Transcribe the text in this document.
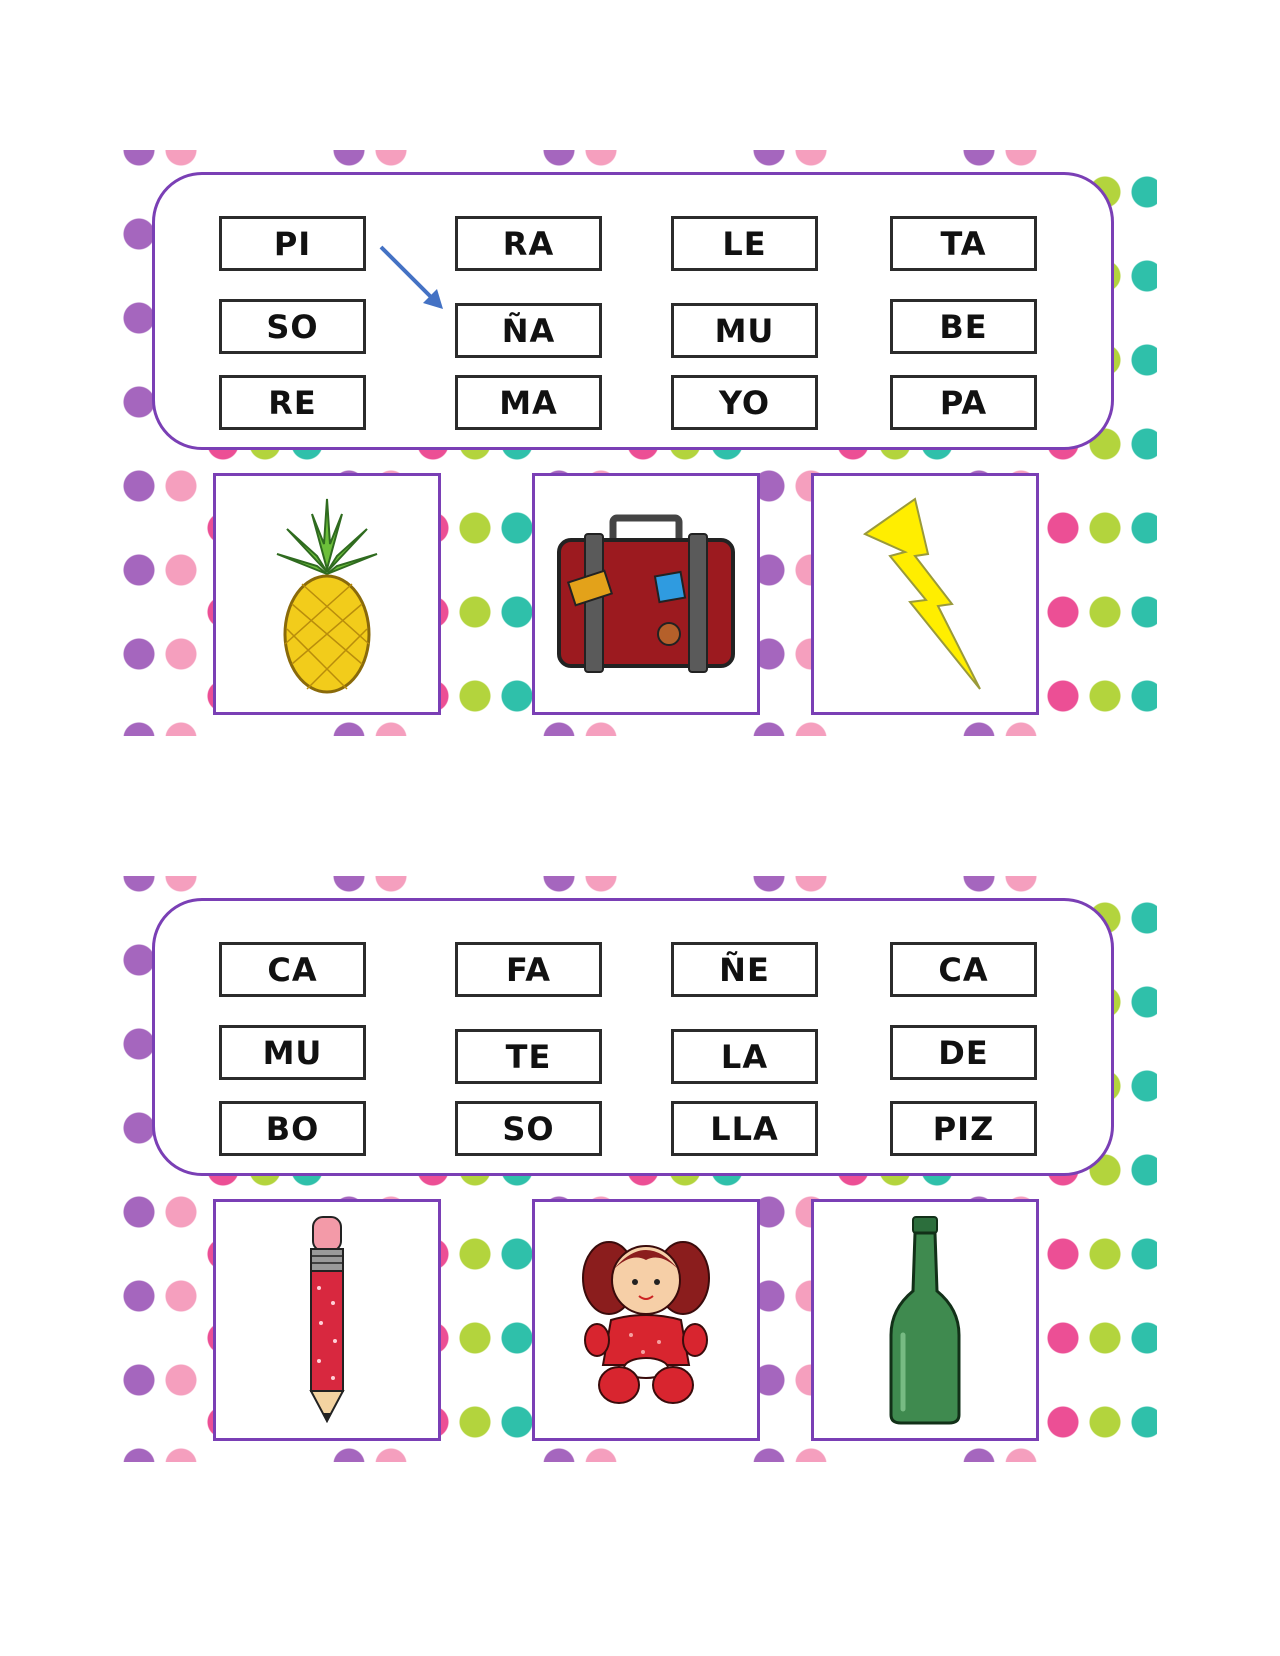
PI	RA	LE	TA
SO	ÑA	MU	BE
RE	MA	YO	PA
CA	FA	ÑE	CA
MU	TE	LA	DE
BO	SO	LLA	PIZ
